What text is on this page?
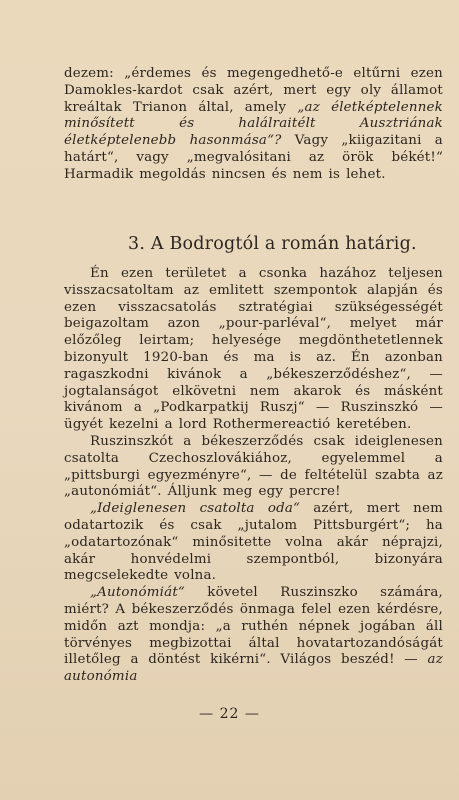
dezem: „érdemes és megengedhető-e eltűrni ezen Damokles-kardot csak azért, mert egy oly államot kreáltak Trianon által, amely „az életképtelennek minősített és halálraitélt Ausztriának életképtelenebb hasonmása“? Vagy „kiigazitani a határt“, vagy „megvalósitani az örök békét!“ Harmadik megoldás nincsen és nem is lehet.

3. A Bodrogtól a román határig.

Én ezen területet a csonka hazához teljesen visszacsatoltam az emlitett szempontok alapján és ezen visszacsatolás sztratégiai szükségességét beigazoltam azon „pour-parléval“, melyet már előzőleg leirtam; helyesége megdönthetetlennek bizonyult 1920-ban és ma is az. Én azonban ragaszkodni kivánok a „békeszerződéshez“, — jogtalanságot elkövetni nem akarok és másként kivánom a „Podkarpatkij Ruszj“ — Ruszinszkó — ügyét kezelni a lord Rothermereactió keretében.

Ruszinszkót a békeszerződés csak ideiglenesen csatolta Czechoszlovákiához, egyelemmel a „pittsburgi egyezményre“, — de feltételül szabta az „autonómiát“. Álljunk meg egy percre!

„Ideiglenesen csatolta oda“ azért, mert nem odatartozik és csak „jutalom Pittsburgért“; ha „odatartozónak“ minősitette volna akár néprajzi, akár honvédelmi szempontból, bizonyára megcselekedte volna.

„Autonómiát“ követel Ruszinszko számára, miért? A békeszerződés önmaga felel ezen kérdésre, midőn azt mondja: „a ruthén népnek jogában áll törvényes megbizottai által hovatartozandóságát illetőleg a döntést kikérni“. Világos beszéd! — az autonómia

— 22 —
